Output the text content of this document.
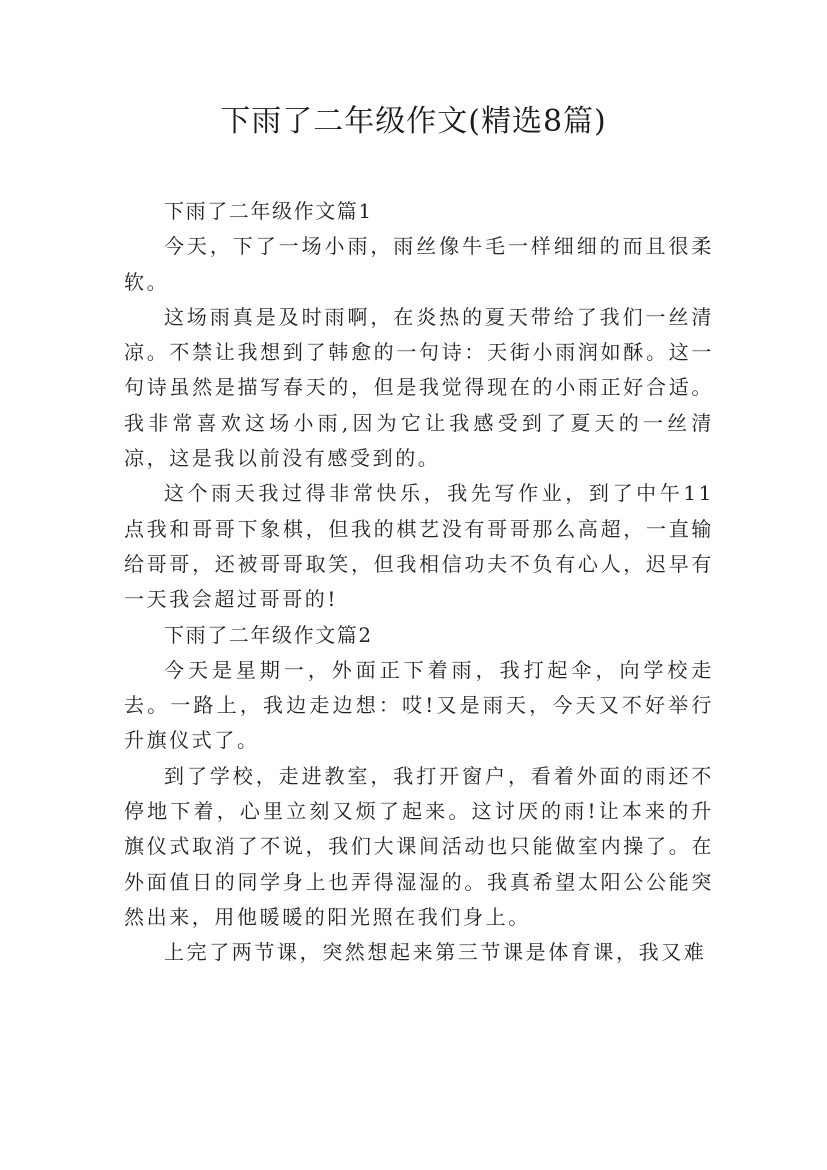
下雨了二年级作文(精选8篇)

下雨了二年级作文篇1

今天，下了一场小雨，雨丝像牛毛一样细细的而且很柔软。

这场雨真是及时雨啊，在炎热的夏天带给了我们一丝清凉。不禁让我想到了韩愈的一句诗：天街小雨润如酥。这一句诗虽然是描写春天的，但是我觉得现在的小雨正好合适。我非常喜欢这场小雨,因为它让我感受到了夏天的一丝清凉，这是我以前没有感受到的。

这个雨天我过得非常快乐，我先写作业，到了中午11点我和哥哥下象棋，但我的棋艺没有哥哥那么高超，一直输给哥哥，还被哥哥取笑，但我相信功夫不负有心人，迟早有一天我会超过哥哥的!

下雨了二年级作文篇2

今天是星期一，外面正下着雨，我打起伞，向学校走去。一路上，我边走边想：哎!又是雨天，今天又不好举行升旗仪式了。

到了学校，走进教室，我打开窗户，看着外面的雨还不停地下着，心里立刻又烦了起来。这讨厌的雨!让本来的升旗仪式取消了不说，我们大课间活动也只能做室内操了。在外面值日的同学身上也弄得湿湿的。我真希望太阳公公能突然出来，用他暖暖的阳光照在我们身上。

上完了两节课，突然想起来第三节课是体育课，我又难
